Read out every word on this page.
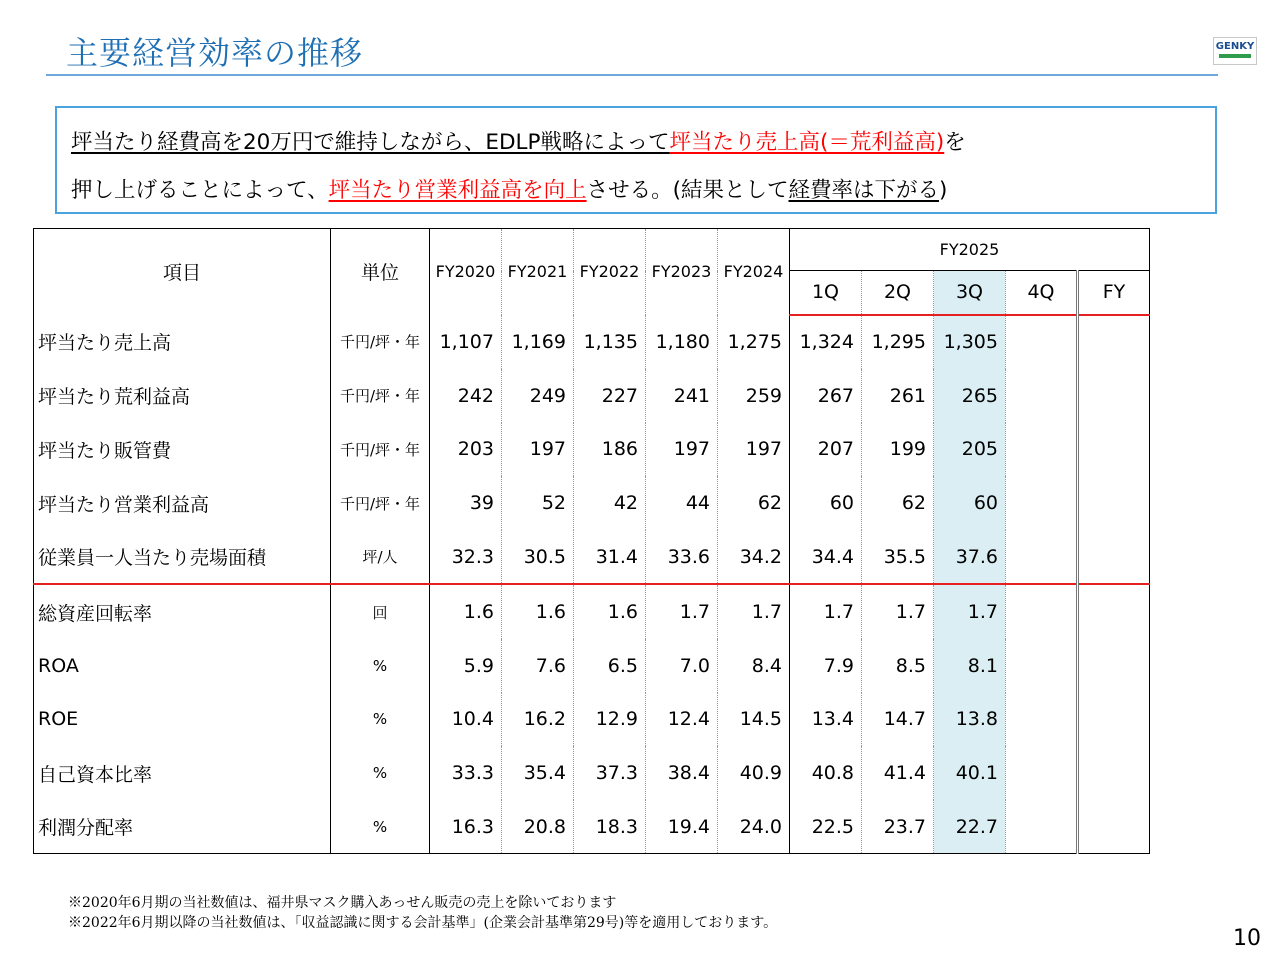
主要経営効率の推移	GENKY
坪当たり経費高を20万円で維持しながら、EDLP戦略によって坪当たり売上高(＝荒利益高)を
押し上げることによって、坪当たり営業利益高を向上させる。(結果として経費率は下がる)
項目	単位	FY2020	FY2021	FY2022	FY2023	FY2024	FY2025				
							1Q	2Q	3Q	4Q	FY
坪当たり売上高	千円/坪・年	1,107	1,169	1,135	1,180	1,275	1,324	1,295	1,305		
坪当たり荒利益高	千円/坪・年	242	249	227	241	259	267	261	265		
坪当たり販管費	千円/坪・年	203	197	186	197	197	207	199	205		
坪当たり営業利益高	千円/坪・年	39	52	42	44	62	60	62	60		
従業員一人当たり売場面積	坪/人	32.3	30.5	31.4	33.6	34.2	34.4	35.5	37.6		
総資産回転率	回	1.6	1.6	1.6	1.7	1.7	1.7	1.7	1.7		
ROA	%	5.9	7.6	6.5	7.0	8.4	7.9	8.5	8.1		
ROE	%	10.4	16.2	12.9	12.4	14.5	13.4	14.7	13.8		
自己資本比率	%	33.3	35.4	37.3	38.4	40.9	40.8	41.4	40.1		
利潤分配率	%	16.3	20.8	18.3	19.4	24.0	22.5	23.7	22.7		
※2020年6月期の当社数値は、福井県マスク購入あっせん販売の売上を除いております
※2022年6月期以降の当社数値は、「収益認識に関する会計基準」(企業会計基準第29号)等を適用しております。
10
